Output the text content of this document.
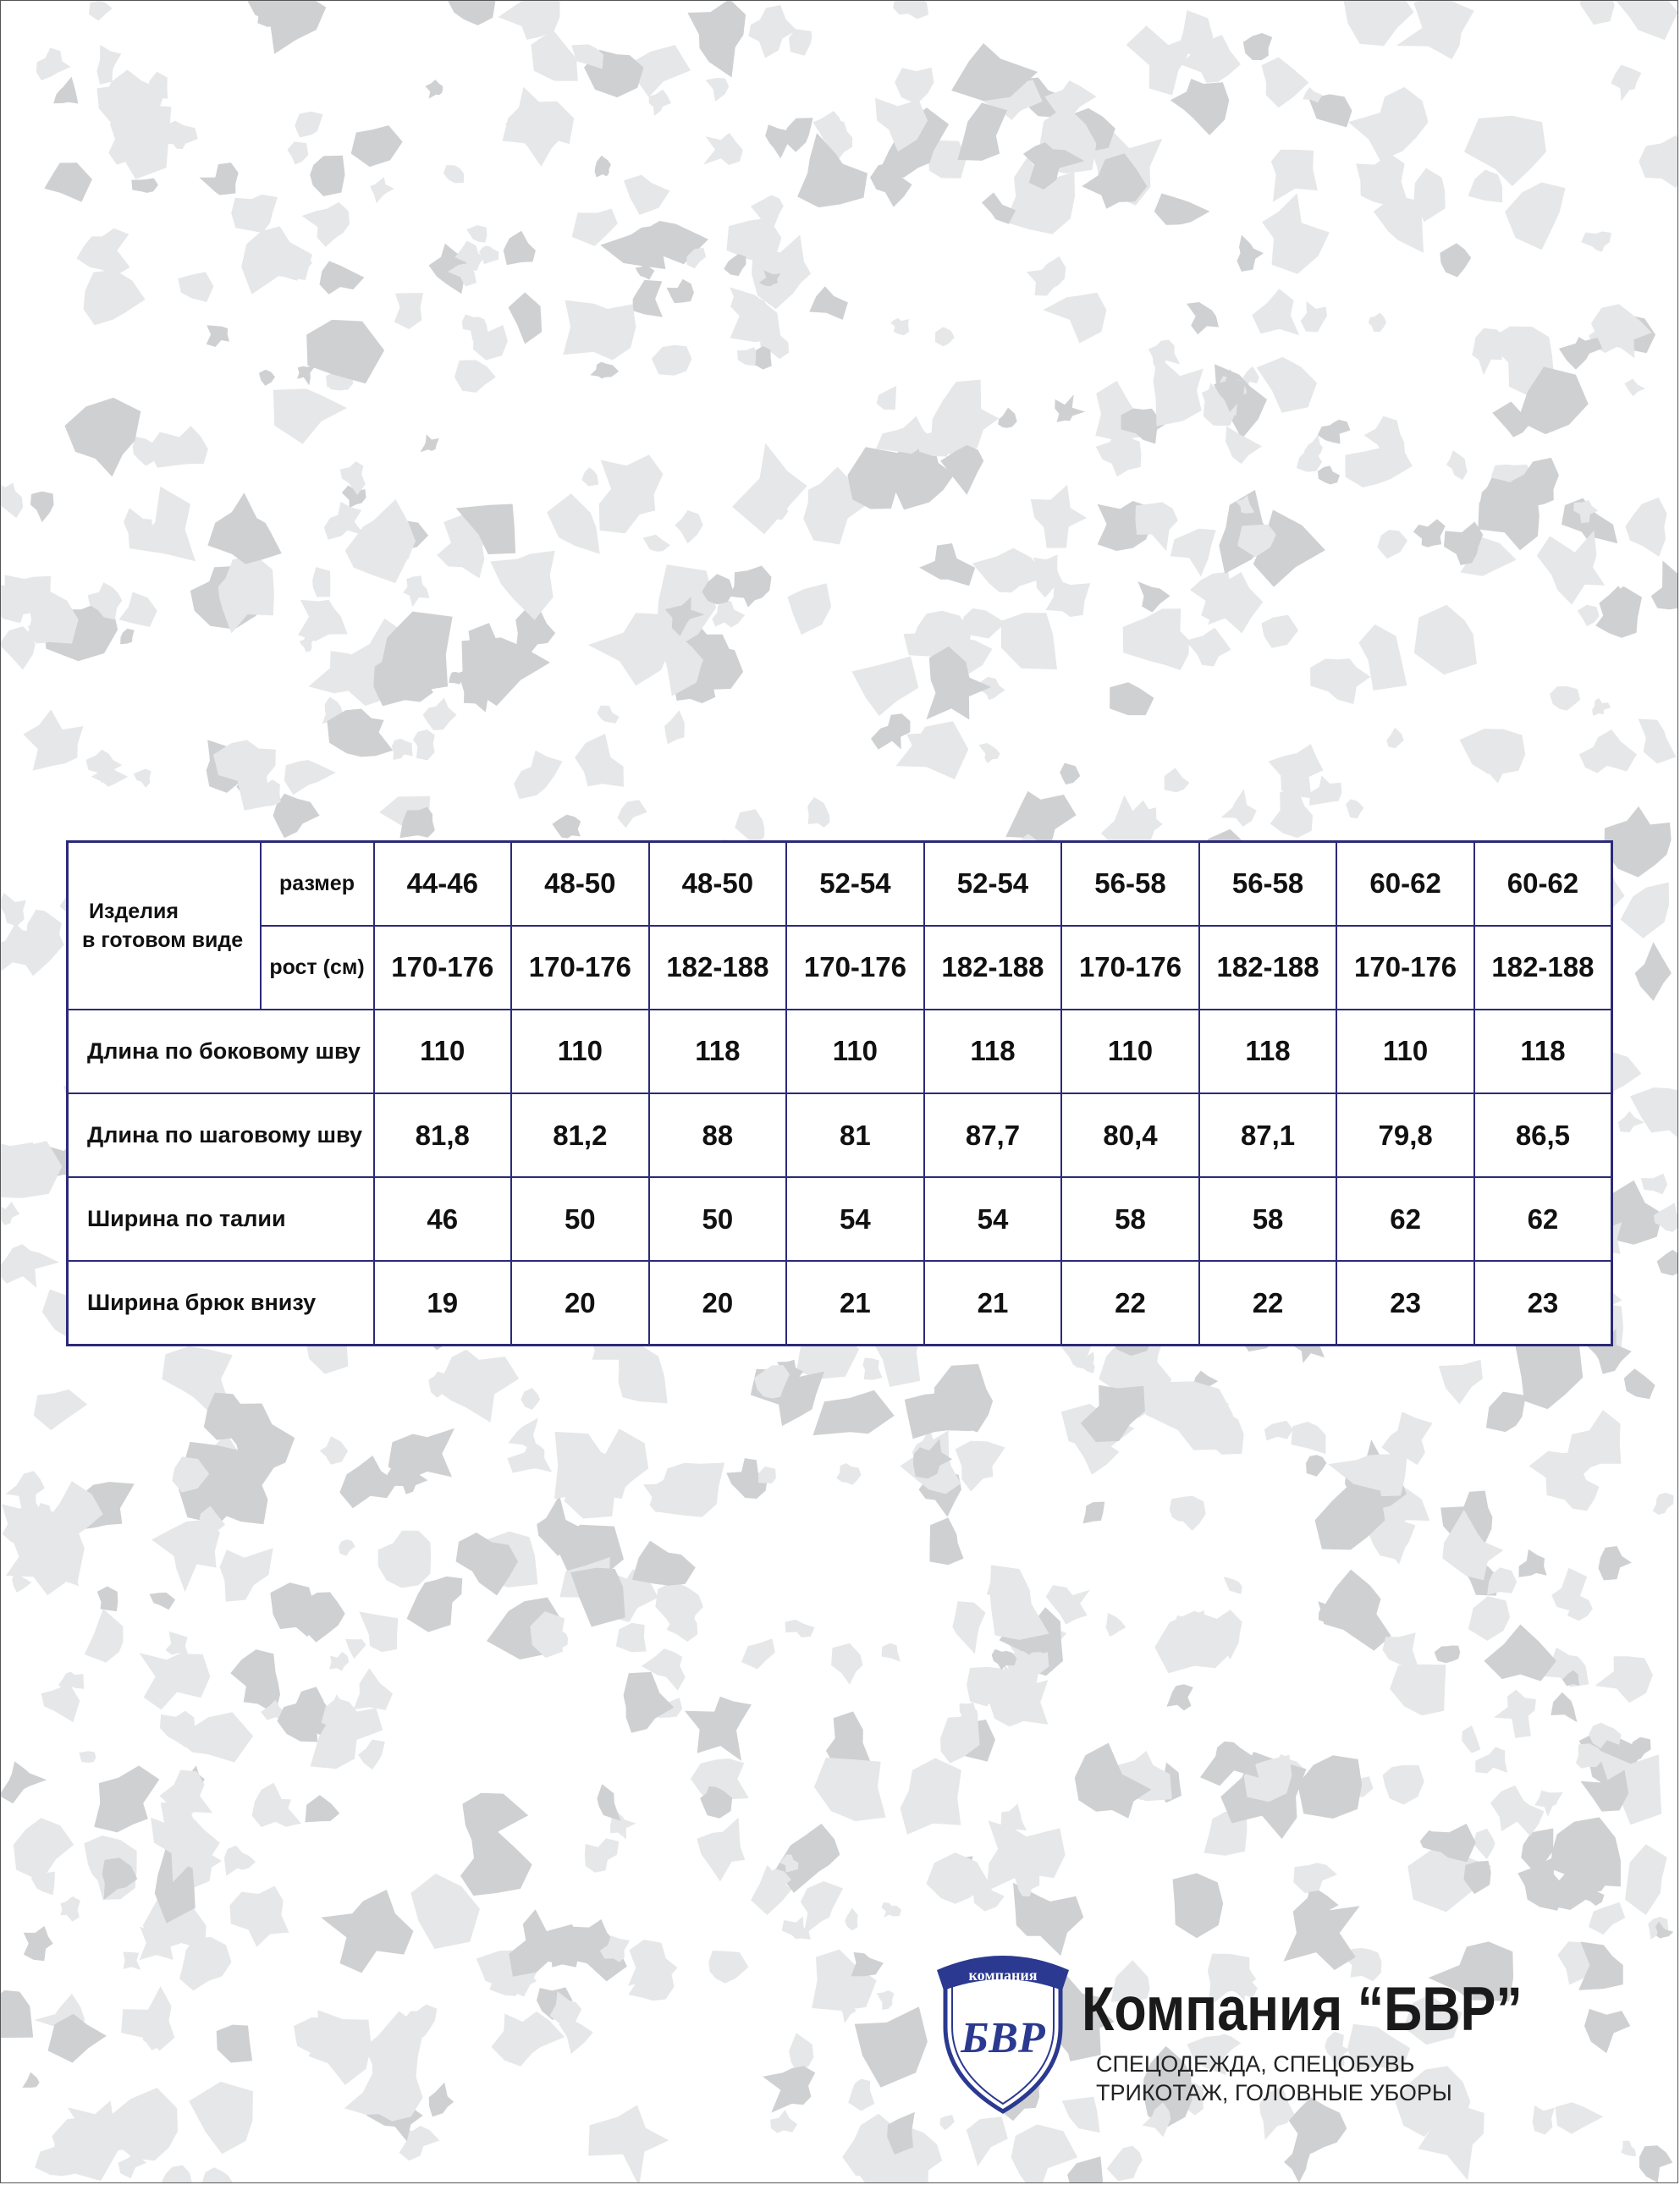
Изделия
в готовом виде	размер	44-46	48-50	48-50	52-54	52-54	56-58	56-58	60-62	60-62
	рост (см)	170-176	170-176	182-188	170-176	182-188	170-176	182-188	170-176	182-188
Длина по боковому шву		110	110	118	110	118	110	118	110	118
Длина по шаговому шву		81,8	81,2	88	81	87,7	80,4	87,1	79,8	86,5
Ширина по талии		46	50	50	54	54	58	58	62	62
Ширина брюк внизу		19	20	20	21	21	22	22	23	23
компания
БВР Компания “БВР”
СПЕЦОДЕЖДА, СПЕЦОБУВЬ
ТРИКОТАЖ, ГОЛОВНЫЕ УБОРЫ
